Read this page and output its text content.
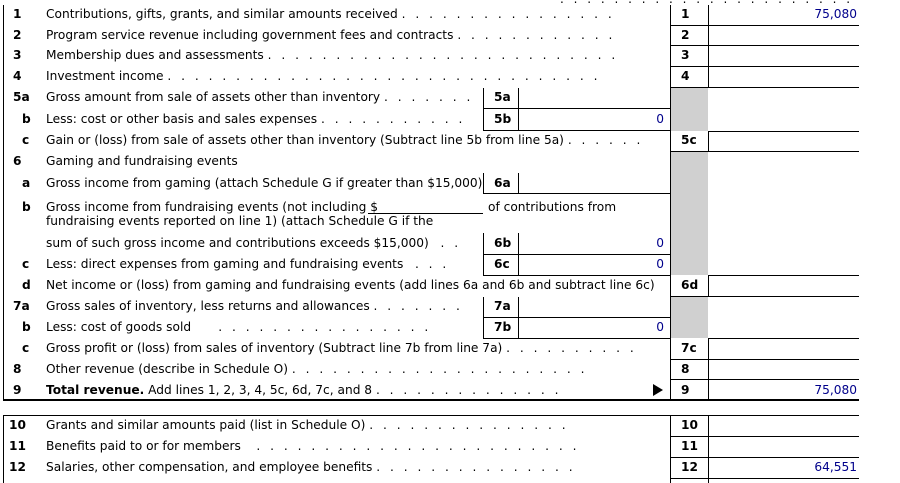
1	Contributions, gifts, grants, and similar amounts received . . . . . . . . . . . . . . . .	1	75,080
2	Program service revenue including government fees and contracts . . . . . . . . . . . .	2
3	Membership dues and assessments . . . . . . . . . . . . . . . . . . . . . . . . . .	3
4	Investment income . . . . . . . . . . . . . . . . . . . . . . . . . . . . . . . .	4
5a Gross amount from sale of assets other than inventory . . . . . . . 5a
b	Less: cost or other basis and sales expenses . . . . . . . . . . . 5b	0
c	Gain or (loss) from sale of assets other than inventory (Subtract line 5b from line 5a) . . . . . .	5c
6	Gaming and fundraising events
a	Gross income from gaming (attach Schedule G if greater than $15,000) 6a
b	Gross income from fundraising events (not including $	of contributions from
fundraising events reported on line 1) (attach Schedule G if the
sum of such gross income and contributions exceeds $15,000) . .	6b	0
c	Less: direct expenses from gaming and fundraising events . . .	6c	0
d	Net income or (loss) from gaming and fundraising events (add lines 6a and 6b and subtract line 6c) 6d
7a Gross sales of inventory, less returns and allowances . . . . . . .	7a
b	Less: cost of goods sold . . . . . . . . . . . . . . . .	7b	0
c	Gross profit or (loss) from sales of inventory (Subtract line 7b from line 7a) . . . . . . . . . .	7c
8	Other revenue (describe in Schedule O) . . . . . . . . . . . . . . . . . . . . . .	8
9	Total revenue. Add lines 1, 2, 3, 4, 5c, 6d, 7c, and 8 . . . . . . . . . . . . . .	9	75,080
10 Grants and similar amounts paid (list in Schedule O) . . . . . . . . . . . . . . .	10
11 Benefits paid to or for members . . . . . . . . . . . . . . . . . . . . . . . .	11
12 Salaries, other compensation, and employee benefits . . . . . . . . . . . . . . .	12	64,551
